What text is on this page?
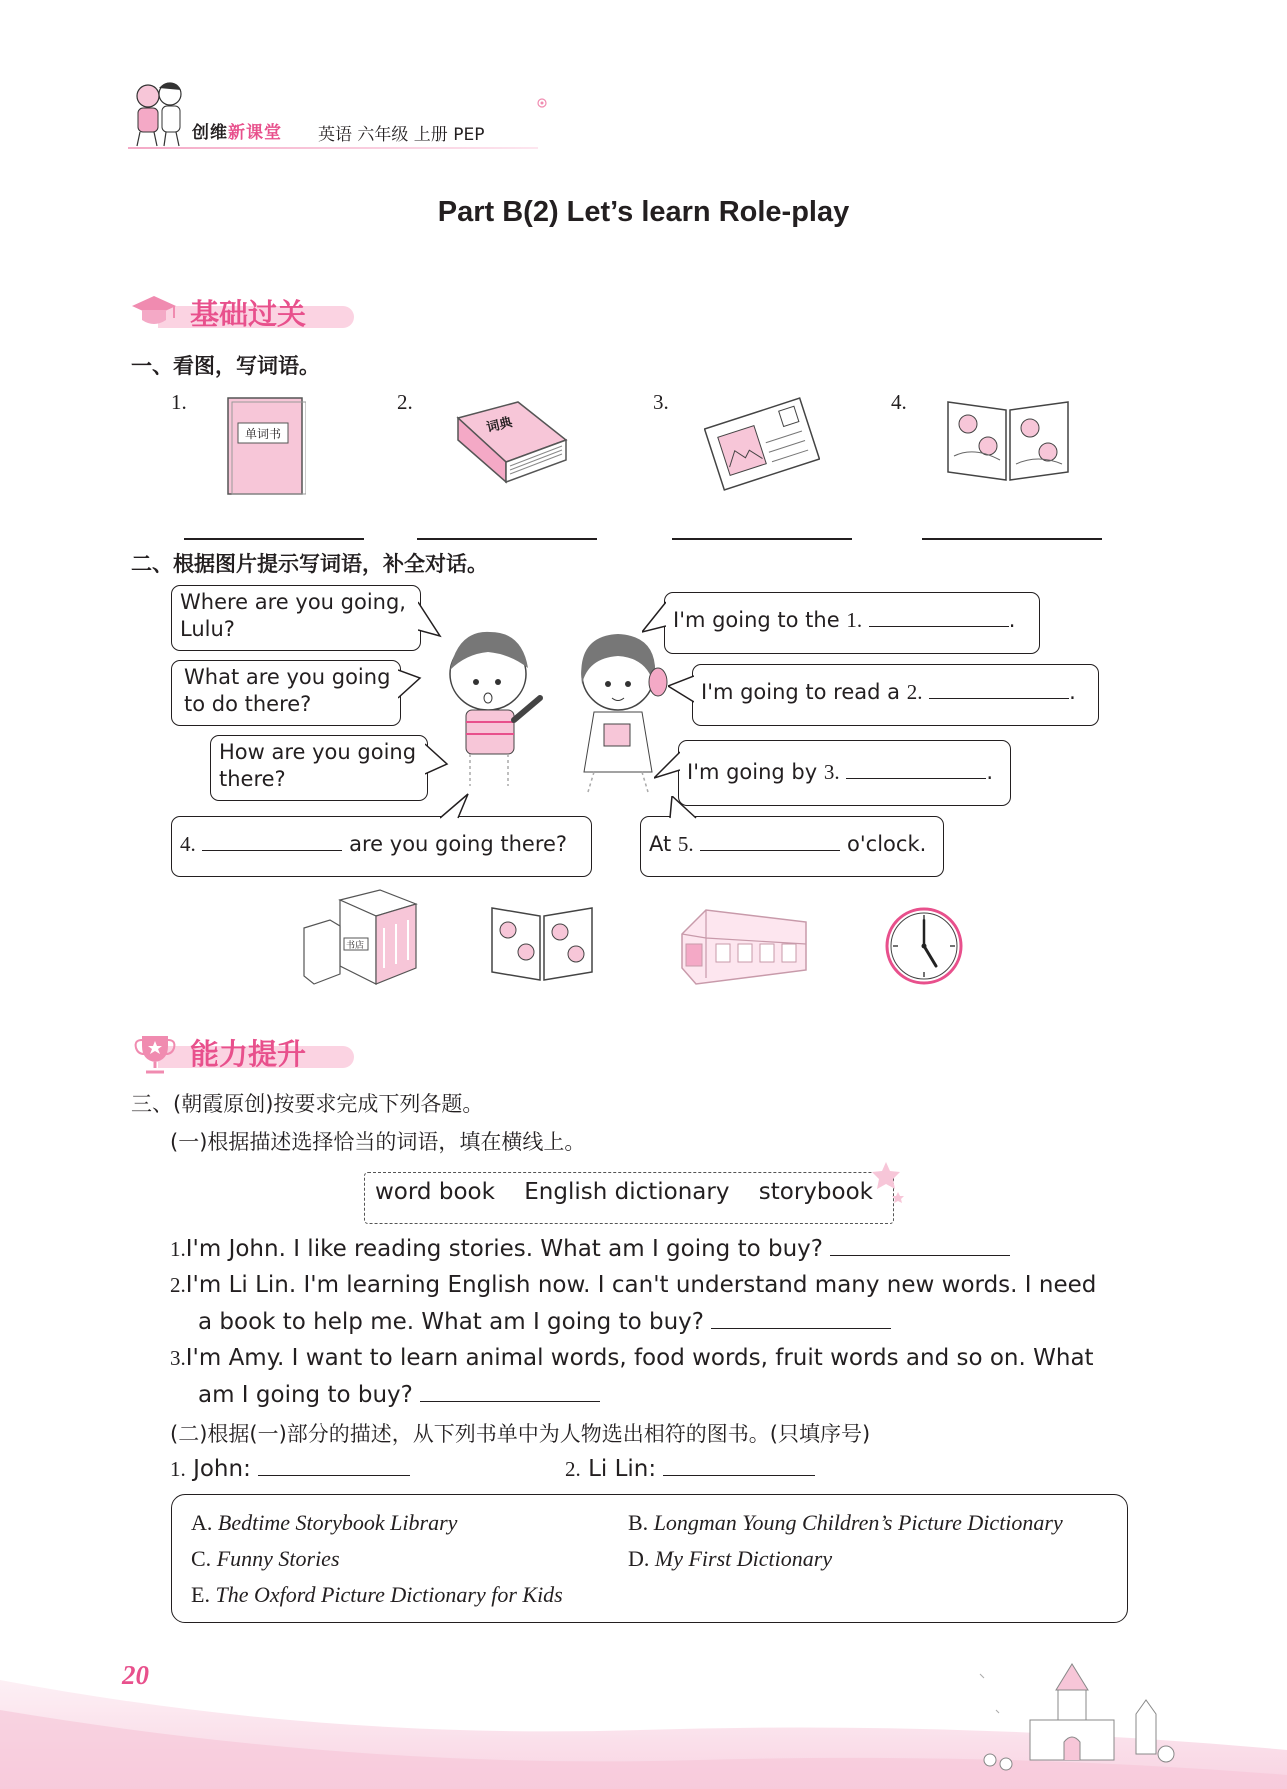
创维新课堂 英语 六年级 上册 PEP
Part B(2) Let’s learn Role-play
基础过关
一、看图，写词语。
1.	2.	3.	4.
单词书	词典
二、根据图片提示写词语，补全对话。
Where are you going, Lulu?
What are you going to do there?
How are you going there?
4.	are you going there?
I'm going to the 1.	.
I'm going to read a 2.	.
I'm going by 3.	.
At 5.	o'clock.
书店
能力提升
三、(朝霞原创)按要求完成下列各题。
(一)根据描述选择恰当的词语，填在横线上。
word book English dictionary storybook
1.I'm John. I like reading stories. What am I going to buy?
2.I'm Li Lin. I'm learning English now. I can't understand many new words. I need
a book to help me. What am I going to buy?
3.I'm Amy. I want to learn animal words, food words, fruit words and so on. What
am I going to buy?
(二)根据(一)部分的描述，从下列书单中为人物选出相符的图书。(只填序号)
1. John:	2. Li Lin:
A. Bedtime Storybook Library	B. Longman Young Children’s Picture Dictionary
C. Funny Stories	D. My First Dictionary
E. The Oxford Picture Dictionary for Kids
20
